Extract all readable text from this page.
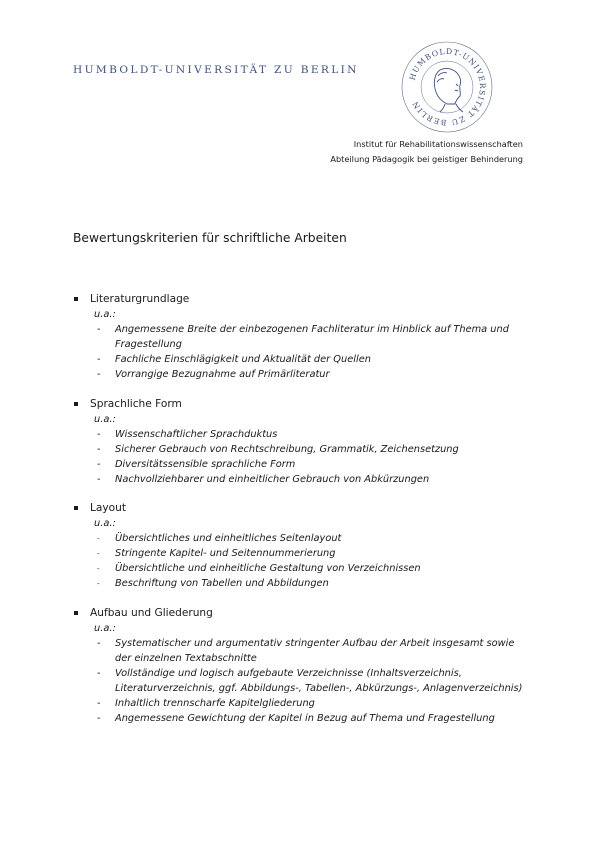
HUMBOLDT-UNIVERSITÄT ZU BERLIN
HUMBOLDT-UNIVERSITÄT ZU BERLIN
Institut für Rehabilitationswissenschaften
Abteilung Pädagogik bei geistiger Behinderung
Bewertungskriterien für schriftliche Arbeiten
Literaturgrundlage
u.a.:
- Angemessene Breite der einbezogenen Fachliteratur im Hinblick auf Thema und Fragestellung
- Fachliche Einschlägigkeit und Aktualität der Quellen
- Vorrangige Bezugnahme auf Primärliteratur
Sprachliche Form
u.a.:
- Wissenschaftlicher Sprachduktus
- Sicherer Gebrauch von Rechtschreibung, Grammatik, Zeichensetzung
- Diversitätssensible sprachliche Form
- Nachvollziehbarer und einheitlicher Gebrauch von Abkürzungen
Layout
u.a.:
- Übersichtliches und einheitliches Seitenlayout
- Stringente Kapitel- und Seitennummerierung
- Übersichtliche und einheitliche Gestaltung von Verzeichnissen
- Beschriftung von Tabellen und Abbildungen
Aufbau und Gliederung
u.a.:
- Systematischer und argumentativ stringenter Aufbau der Arbeit insgesamt sowie der einzelnen Textabschnitte
- Vollständige und logisch aufgebaute Verzeichnisse (Inhaltsverzeichnis, Literaturverzeichnis, ggf. Abbildungs-, Tabellen-, Abkürzungs-, Anlagenverzeichnis)
- Inhaltlich trennscharfe Kapitelgliederung
- Angemessene Gewichtung der Kapitel in Bezug auf Thema und Fragestellung
